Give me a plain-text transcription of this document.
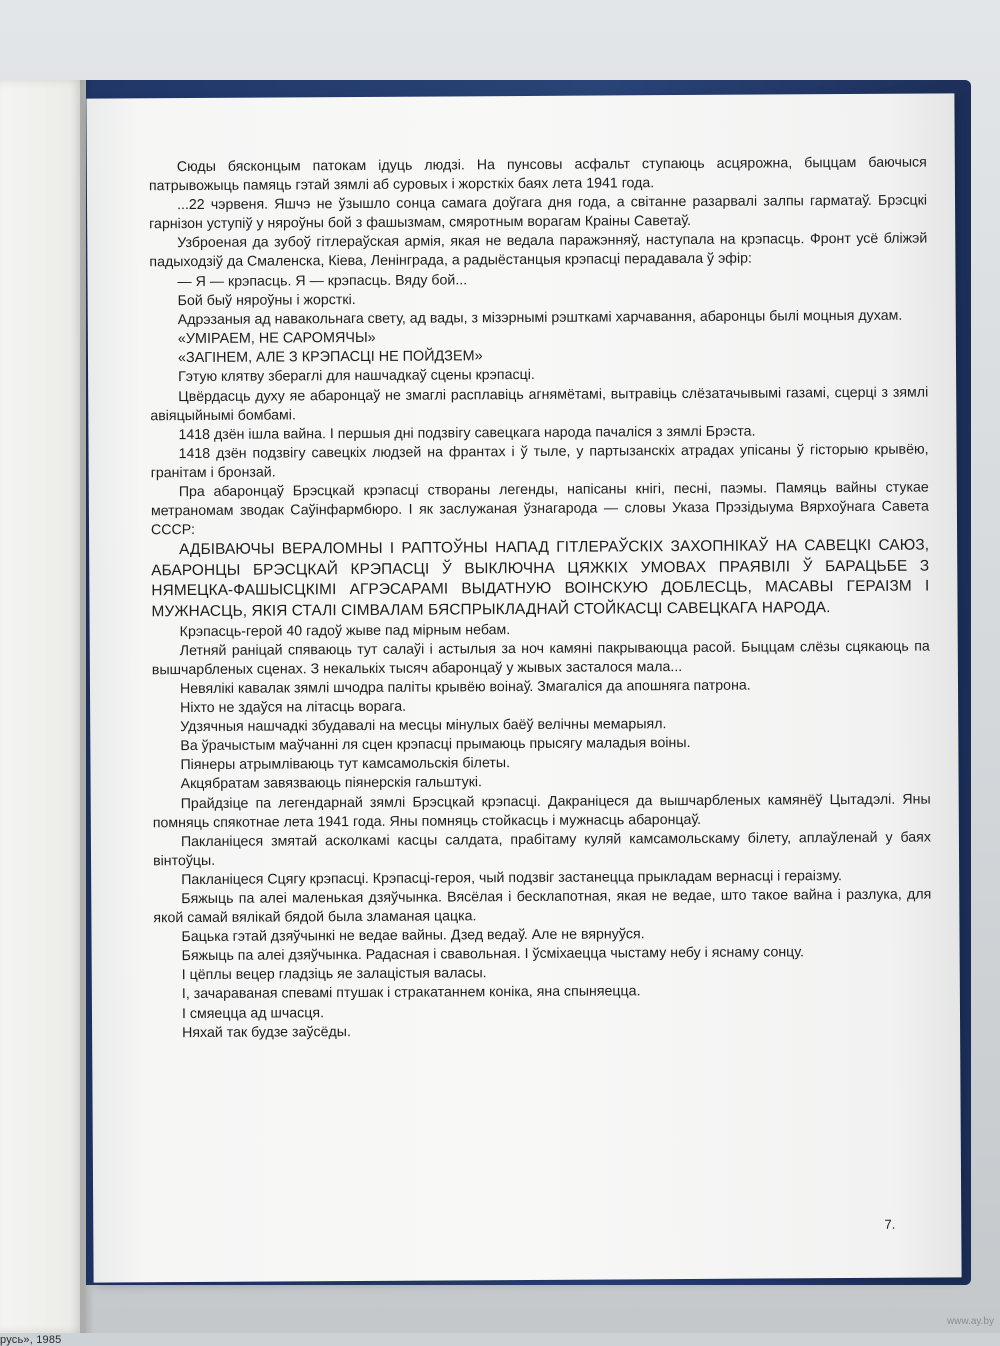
русь», 1985

Сюды бясконцым патокам ідуць людзі. На пунсовы асфальт ступаюць асцярожна, быццам баючыся патрывожыць памяць гэтай зямлі аб суровых і жорсткіх баях лета 1941 года.

...22 чэрвеня. Яшчэ не ўзышло сонца самага доўгага дня года, а світанне разарвалі залпы гарматаў. Брэсцкі гарнізон уступіў у няроўны бой з фашызмам, смяротным ворагам Краіны Саветаў.

Узброеная да зубоў гітлераўская армія, якая не ведала паражэнняў, наступала на крэпасць. Фронт усё бліжэй падыходзіў да Смаленска, Кіева, Ленінграда, а радыёстанцыя крэпасці перадавала ў эфір:

— Я — крэпасць. Я — крэпасць. Вяду бой...

Бой быў няроўны і жорсткі.

Адрэзаныя ад навакольнага свету, ад вады, з мізэрнымі рэшткамі харчавання, абаронцы былі моцныя духам.

«УМІРАЕМ, НЕ САРОМЯЧЫ»

«ЗАГІНЕМ, АЛЕ З КРЭПАСЦІ НЕ ПОЙДЗЕМ»

Гэтую клятву збераглі для нашчадкаў сцены крэпасці.

Цвёрдасць духу яе абаронцаў не змаглі расплавіць агнямётамі, вытравіць слёзатачывымі газамі, сцерці з зямлі авіяцыйнымі бомбамі.

1418 дзён ішла вайна. І першыя дні подзвігу савецкага народа пачаліся з зямлі Брэста.

1418 дзён подзвігу савецкіх людзей на франтах і ў тыле, у партызанскіх атрадах упісаны ў гісторыю крывёю, гранітам і бронзай.

Пра абаронцаў Брэсцкай крэпасці створаны легенды, напісаны кнігі, песні, паэмы. Памяць вайны стукае метраномам зводак Саўінфармбюро. І як заслужаная ўзнагарода — словы Указа Прэзідыума Вярхоўнага Савета СССР:

АДБІВАЮЧЫ ВЕРАЛОМНЫ І РАПТОЎНЫ НАПАД ГІТЛЕРАЎСКІХ ЗАХОПНІКАЎ НА САВЕЦКІ САЮЗ, АБАРОНЦЫ БРЭСЦКАЙ КРЭПАСЦІ Ў ВЫКЛЮЧНА ЦЯЖКІХ УМОВАХ ПРАЯВІЛІ Ў БАРАЦЬБЕ З НЯМЕЦКА-ФАШЫСЦКІМІ АГРЭСАРАМІ ВЫДАТНУЮ ВОІНСКУЮ ДОБЛЕСЦЬ, МАСАВЫ ГЕРАІЗМ І МУЖНАСЦЬ, ЯКІЯ СТАЛІ СІМВАЛАМ БЯСПРЫКЛАДНАЙ СТОЙКАСЦІ САВЕЦКАГА НАРОДА.

Крэпасць-герой 40 гадоў жыве пад мірным небам.

Летняй раніцай спяваюць тут салаўі і астылыя за ноч камяні пакрываюцца расой. Быццам слёзы сцякаюць па вышчарбленых сценах. З некалькіх тысяч абаронцаў у жывых засталося мала...

Невялікі кавалак зямлі шчодра паліты крывёю воінаў. Змагаліся да апошняга патрона.

Ніхто не здаўся на літасць ворага.

Удзячныя нашчадкі збудавалі на месцы мінулых баёў велічны мемарыял.

Ва ўрачыстым маўчанні ля сцен крэпасці прымаюць прысягу маладыя воіны.

Піянеры атрымліваюць тут камсамольскія білеты.

Акцябратам завязваюць піянерскія гальштукі.

Прайдзіце па легендарнай зямлі Брэсцкай крэпасці. Дакраніцеся да вышчарбленых камянёў Цытадэлі. Яны помняць спякотнае лета 1941 года. Яны помняць стойкасць і мужнасць абаронцаў.

Пакланіцеся змятай асколкамі касцы салдата, прабітаму куляй камсамольскаму білету, аплаўленай у баях вінтоўцы.

Пакланіцеся Сцягу крэпасці. Крэпасці-героя, чый подзвіг застанецца прыкладам вернасці і гераізму.

Бяжыць па алеі маленькая дзяўчынка. Вясёлая і бесклапотная, якая не ведае, што такое вайна і разлука, для якой самай вялікай бядой была зламаная цацка.

Бацька гэтай дзяўчынкі не ведае вайны. Дзед ведаў. Але не вярнуўся.

Бяжыць па алеі дзяўчынка. Радасная і свавольная. І ўсміхаецца чыстаму небу і яснаму сонцу.

І цёплы вецер гладзіць яе залацістыя валасы.

І, зачараваная спевамі птушак і стракатаннем коніка, яна спыняецца.

І смяецца ад шчасця.

Няхай так будзе заўсёды.

7.
www.ay.by
